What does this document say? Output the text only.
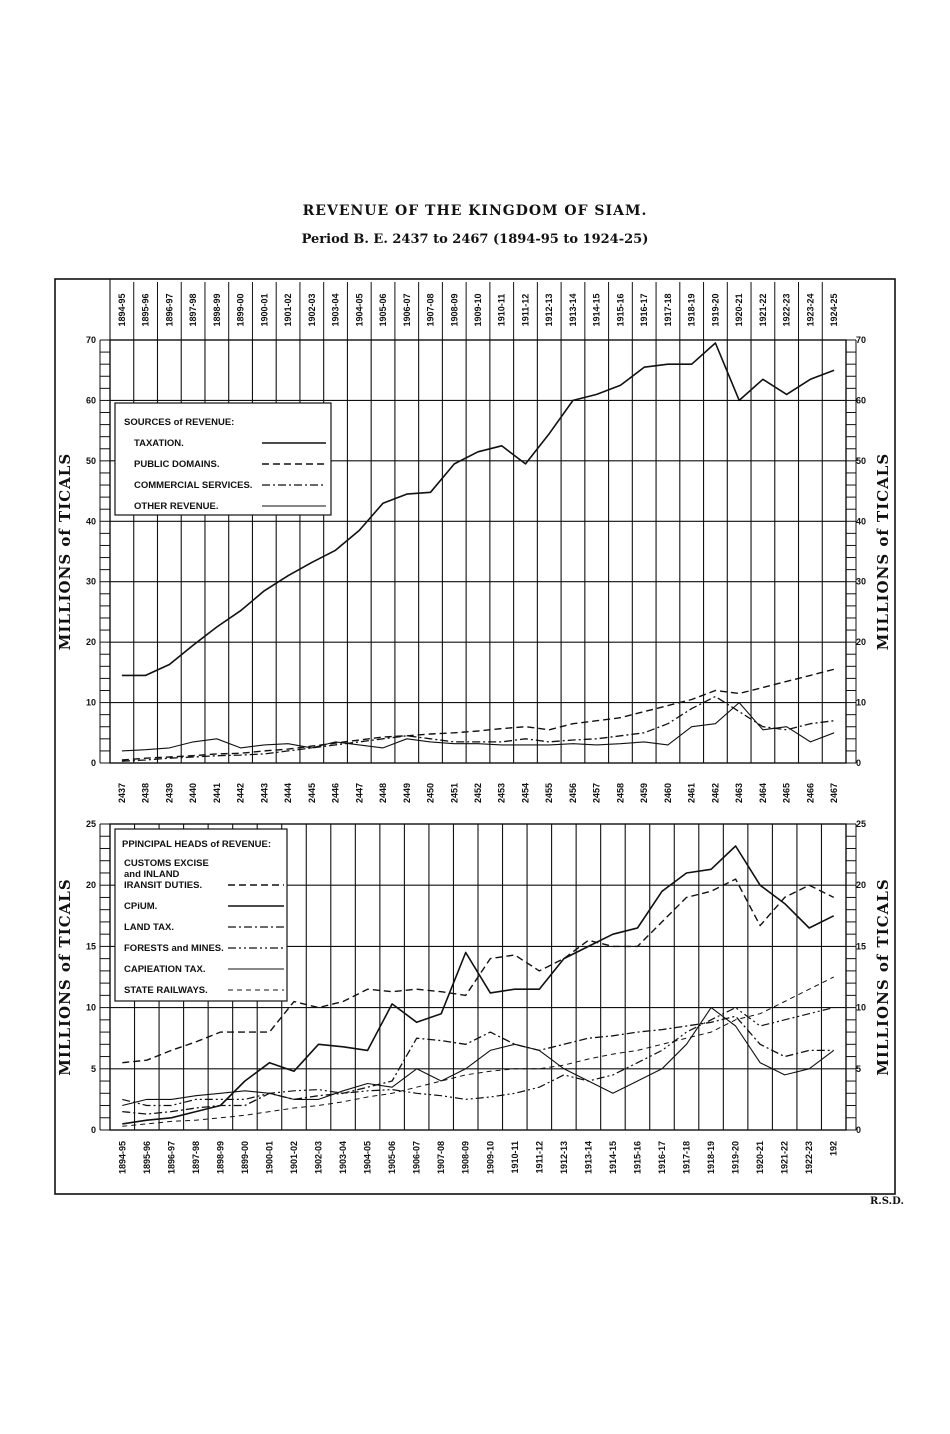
REVENUE OF THE KINGDOM OF SIAM.
Period B. E. 2437 to 2467 (1894-95 to 1924-25)
0	0
10	10
20	20
30	30
40	40
50	50
60	60
70	70
MILLIONS of TICALS	MILLIONS of TICALS
1894-95 1895-96 1896-97 1897-98 1898-99 1899-00 1900-01 1901-02 1902-03 1903-04 1904-05 1905-06 1906-07 1907-08 1908-09 1909-10 1910-11 1911-12 1912-13 1913-14 1914-15 1915-16 1916-17 1917-18 1918-19 1919-20 1920-21 1921-22 1922-23 1923-24 1924-25
2437 2438 2439 2440 2441 2442 2443 2444 2445 2446 2447 2448 2449 2450 2451 2452 2453 2454 2455 2456 2457 2458 2459 2460 2461 2462 2463 2464 2465 2466 2467
SOURCES of REVENUE:
TAXATION.
PUBLIC DOMAINS.
COMMERCIAL SERVICES.
OTHER REVENUE.
0	0
5	5
10	10
15	15
20	20
25	25
MILLIONS of TICALS	MILLIONS of TICALS
1894-95 1895-96 1896-97 1897-98 1898-99 1899-00 1900-01 1901-02 1902-03 1903-04 1904-05 1905-06 1906-07 1907-08 1908-09 1909-10 1910-11 1911-12 1912-13 1913-14 1914-15 1915-16 1916-17 1917-18 1918-19 1919-20 1920-21 1921-22 1922-23 192
PPINCIPAL HEADS of REVENUE:
CUSTOMS EXCISE
and INLAND
IRANSIT DUTIES.
CPiUM.
LAND TAX.
FORESTS and MINES.
CAPIEATION TAX.
STATE RAILWAYS.
R.S.D.
